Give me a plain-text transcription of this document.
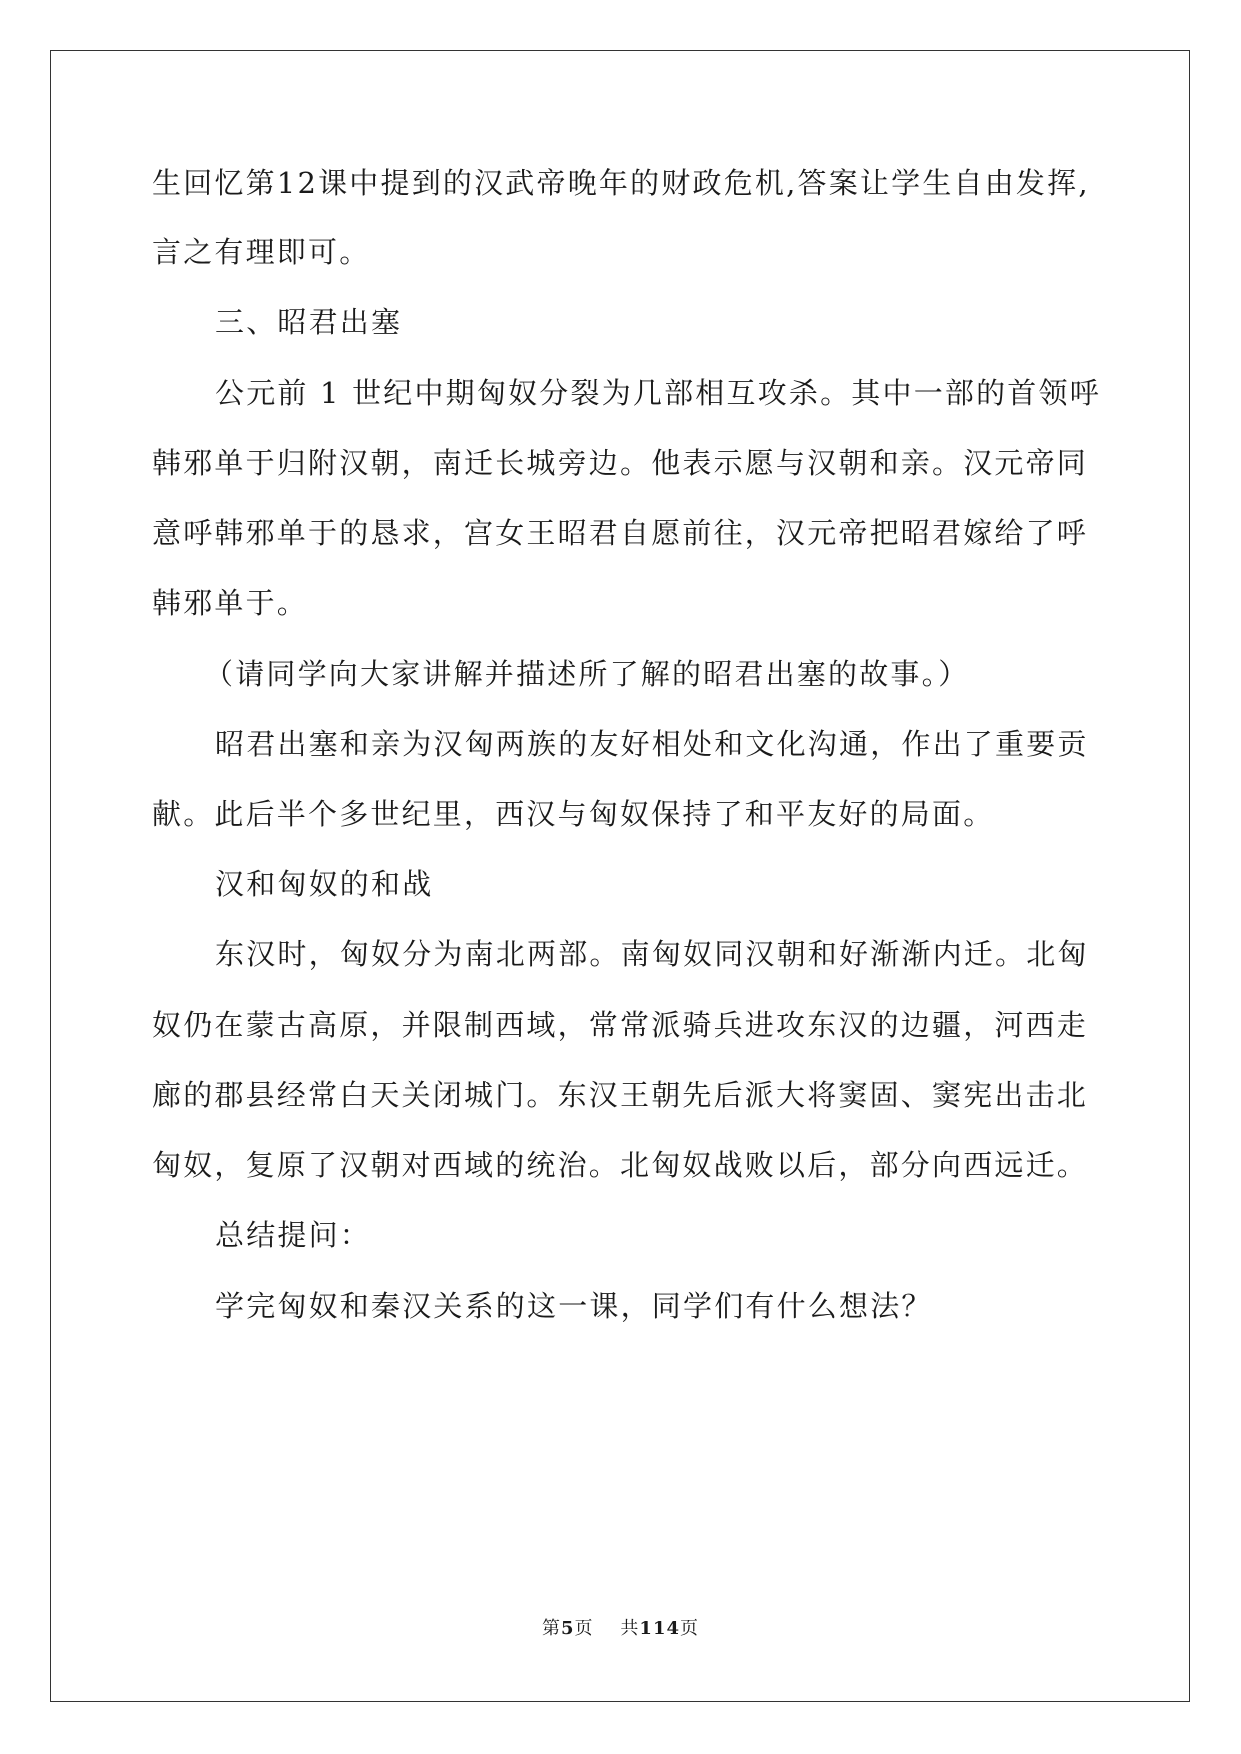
生回忆第12课中提到的汉武帝晚年的财政危机,答案让学生自由发挥,
言之有理即可。
三、昭君出塞
公元前 1 世纪中期匈奴分裂为几部相互攻杀。其中一部的首领呼
韩邪单于归附汉朝，南迁长城旁边。他表示愿与汉朝和亲。汉元帝同
意呼韩邪单于的恳求，宫女王昭君自愿前往，汉元帝把昭君嫁给了呼
韩邪单于。
（请同学向大家讲解并描述所了解的昭君出塞的故事。）
昭君出塞和亲为汉匈两族的友好相处和文化沟通，作出了重要贡
献。此后半个多世纪里，西汉与匈奴保持了和平友好的局面。
汉和匈奴的和战
东汉时，匈奴分为南北两部。南匈奴同汉朝和好渐渐内迁。北匈
奴仍在蒙古高原，并限制西域，常常派骑兵进攻东汉的边疆，河西走
廊的郡县经常白天关闭城门。东汉王朝先后派大将窦固、窦宪出击北
匈奴，复原了汉朝对西域的统治。北匈奴战败以后，部分向西远迁。
总结提问：
学完匈奴和秦汉关系的这一课，同学们有什么想法？
第5页 共114页
